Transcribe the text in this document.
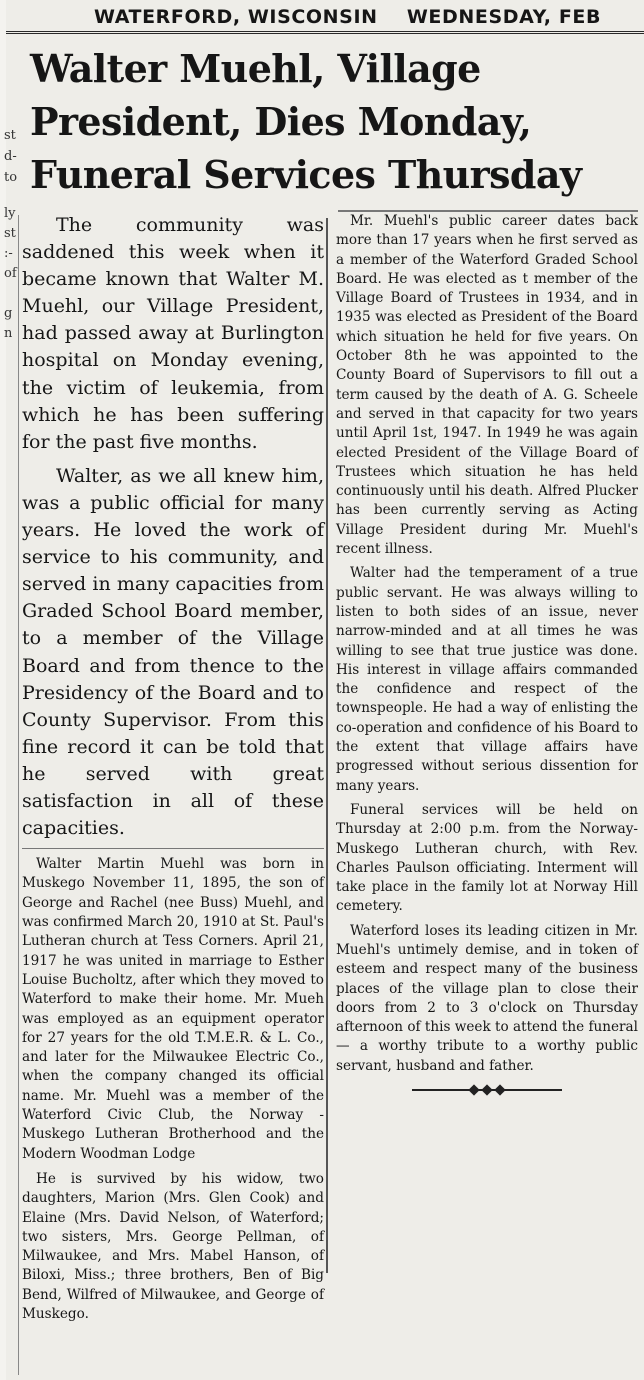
WATERFORD, WISCONSIN WEDNESDAY, FEB
Walter Muehl, Village
President, Dies Monday,
Funeral Services Thursday
st
d-
to
ly
st
:-
of
g
n

The community was saddened this week when it became known that Walter M. Muehl, our Village President, had passed away at Burlington hospital on Monday evening, the victim of leukemia, from which he has been suffering for the past five months.

Walter, as we all knew him, was a public official for many years. He loved the work of service to his community, and served in many capacities from Graded School Board member, to a member of the Village Board and from thence to the Presidency of the Board and to County Supervisor. From this fine record it can be told that he served with great satisfaction in all of these capacities.

Walter Martin Muehl was born in Muskego November 11, 1895, the son of George and Rachel (nee Buss) Muehl, and was confirmed March 20, 1910 at St. Paul's Lutheran church at Tess Corners. April 21, 1917 he was united in marriage to Esther Louise Bucholtz, after which they moved to Waterford to make their home. Mr. Mueh was employed as an equipment operator for 27 years for the old T.M.E.R. & L. Co., and later for the Milwaukee Electric Co., when the company changed its official name. Mr. Muehl was a member of the Waterford Civic Club, the Norway - Muskego Lutheran Brotherhood and the Modern Woodman Lodge

He is survived by his widow, two daughters, Marion (Mrs. Glen Cook) and Elaine (Mrs. David Nelson, of Waterford; two sisters, Mrs. George Pellman, of Milwaukee, and Mrs. Mabel Hanson, of Biloxi, Miss.; three brothers, Ben of Big Bend, Wilfred of Milwaukee, and George of Muskego.

Mr. Muehl's public career dates back more than 17 years when he first served as a member of the Waterford Graded School Board. He was elected as t member of the Village Board of Trustees in 1934, and in 1935 was elected as President of the Board which situation he held for five years. On October 8th he was appointed to the County Board of Supervisors to fill out a term caused by the death of A. G. Scheele and served in that capacity for two years until April 1st, 1947. In 1949 he was again elected President of the Village Board of Trustees which situation he has held continuously until his death. Alfred Plucker has been currently serving as Acting Village President during Mr. Muehl's recent illness.

Walter had the temperament of a true public servant. He was always willing to listen to both sides of an issue, never narrow-minded and at all times he was willing to see that true justice was done. His interest in village affairs commanded the confidence and respect of the townspeople. He had a way of enlisting the co-operation and confidence of his Board to the extent that village affairs have progressed without serious dissention for many years.

Funeral services will be held on Thursday at 2:00 p.m. from the Norway-Muskego Lutheran church, with Rev. Charles Paulson officiating. Interment will take place in the family lot at Norway Hill cemetery.

Waterford loses its leading citizen in Mr. Muehl's untimely demise, and in token of esteem and respect many of the business places of the village plan to close their doors from 2 to 3 o'clock on Thursday afternoon of this week to attend the funeral — a worthy tribute to a worthy public servant, husband and father.
